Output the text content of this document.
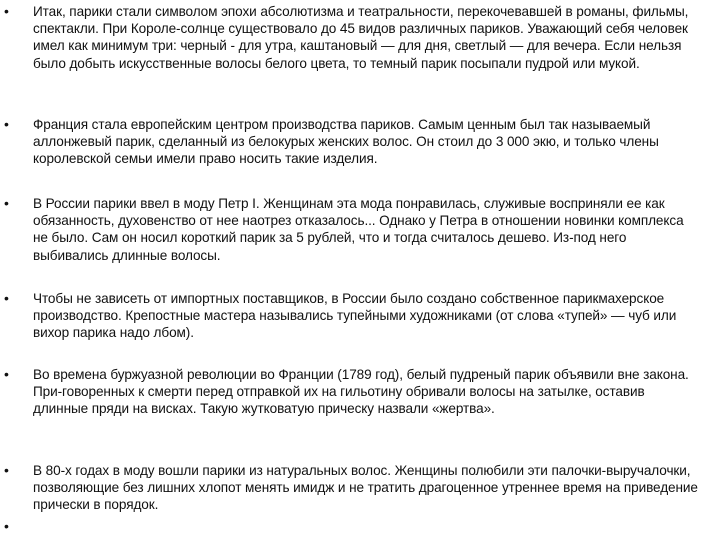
• Итак, парики стали символом эпохи абсолютизма и театральности, перекочевавшей в романы, фильмы, спектакли. При Короле-солнце существовало до 45 видов различных париков. Уважающий себя человек имел как минимум три: черный - для утра, каштановый — для дня, светлый — для вечера. Если нельзя было добыть искусственные волосы белого цвета, то темный парик посыпали пудрой или мукой.
• Франция стала европейским центром производства париков. Самым ценным был так называемый аллонжевый парик, сделанный из белокурых женских волос. Он стоил до 3 000 экю, и только члены королевской семьи имели право носить такие изделия.
• В России парики ввел в моду Петр I. Женщинам эта мода понравилась, служивые восприняли ее как обязанность, духовенство от нее наотрез отказалось... Однако у Петра в отношении новинки комплекса не было. Сам он носил короткий парик за 5 рублей, что и тогда считалось дешево. Из-под него выбивались длинные волосы.
• Чтобы не зависеть от импортных поставщиков, в России было создано собственное парикмахерское производство. Крепостные мастера назывались тупейными художниками (от слова «тупей» — чуб или вихор парика надо лбом).
• Во времена буржуазной революции во Франции (1789 год), белый пудреный парик объявили вне закона. При-говоренных к смерти перед отправкой их на гильотину обривали волосы на затылке, оставив длинные пряди на висках. Такую жутковатую прическу назвали «жертва».
• В 80-х годах в моду вошли парики из натуральных волос. Женщины полюбили эти палочки-выручалочки, позволяющие без лишних хлопот менять имидж и не тратить драгоценное утреннее время на приведение прически в порядок.
•
